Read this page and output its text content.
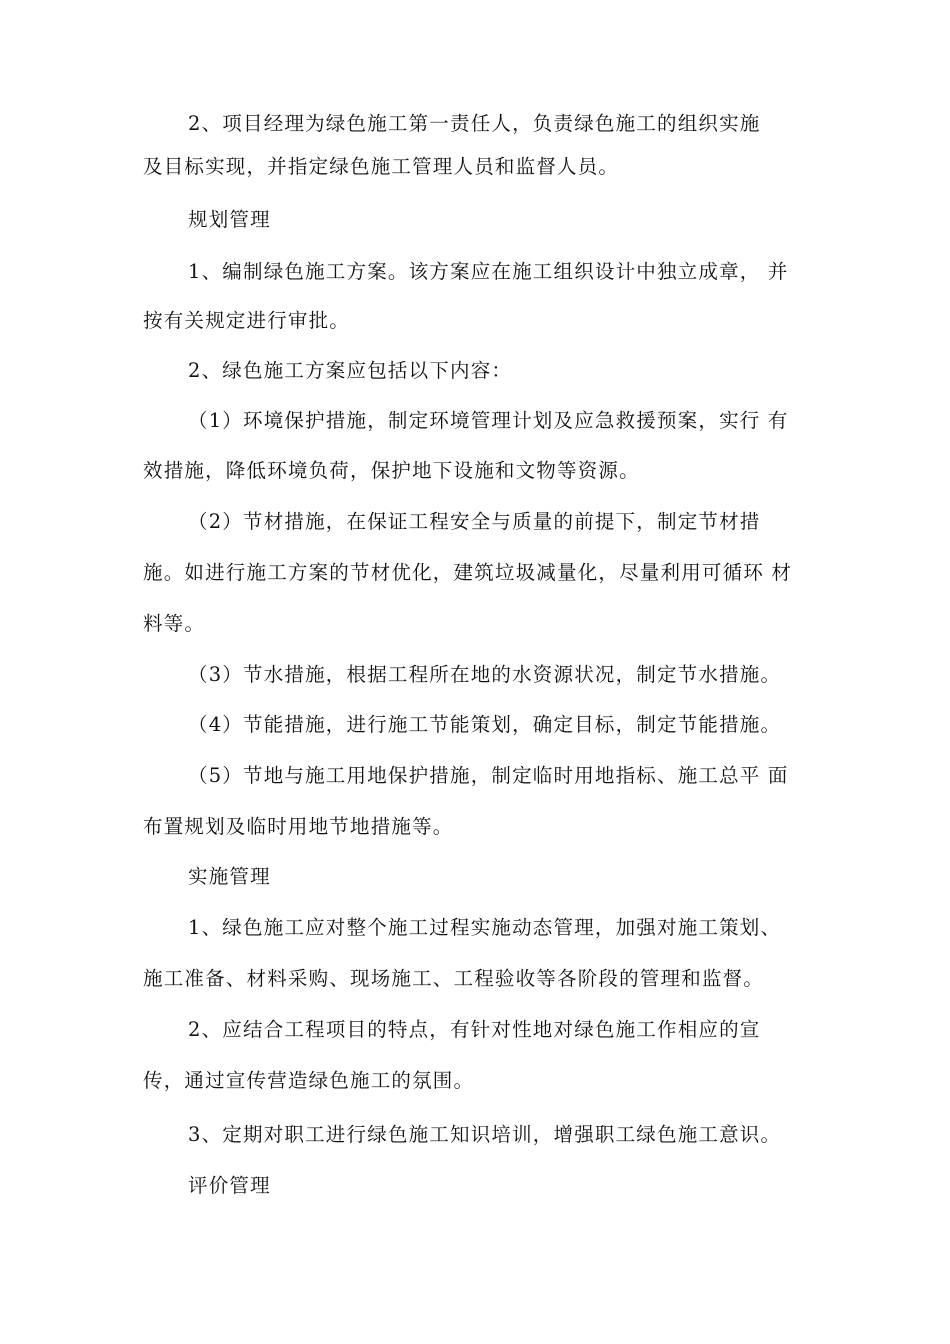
2、项目经理为绿色施工第一责任人，负责绿色施工的组织实施
及目标实现，并指定绿色施工管理人员和监督人员。
规划管理
1、编制绿色施工方案。该方案应在施工组织设计中独立成章， 并
按有关规定进行审批。
2、绿色施工方案应包括以下内容：
（1）环境保护措施，制定环境管理计划及应急救援预案，实行 有
效措施，降低环境负荷，保护地下设施和文物等资源。
（2）节材措施，在保证工程安全与质量的前提下，制定节材措
施。如进行施工方案的节材优化，建筑垃圾减量化，尽量利用可循环 材
料等。
（3）节水措施，根据工程所在地的水资源状况，制定节水措施。
（4）节能措施，进行施工节能策划，确定目标，制定节能措施。
（5）节地与施工用地保护措施，制定临时用地指标、施工总平 面
布置规划及临时用地节地措施等。
实施管理
1、绿色施工应对整个施工过程实施动态管理，加强对施工策划、
施工准备、材料采购、现场施工、工程验收等各阶段的管理和监督。
2、应结合工程项目的特点，有针对性地对绿色施工作相应的宣
传，通过宣传营造绿色施工的氛围。
3、定期对职工进行绿色施工知识培训，增强职工绿色施工意识。
评价管理
